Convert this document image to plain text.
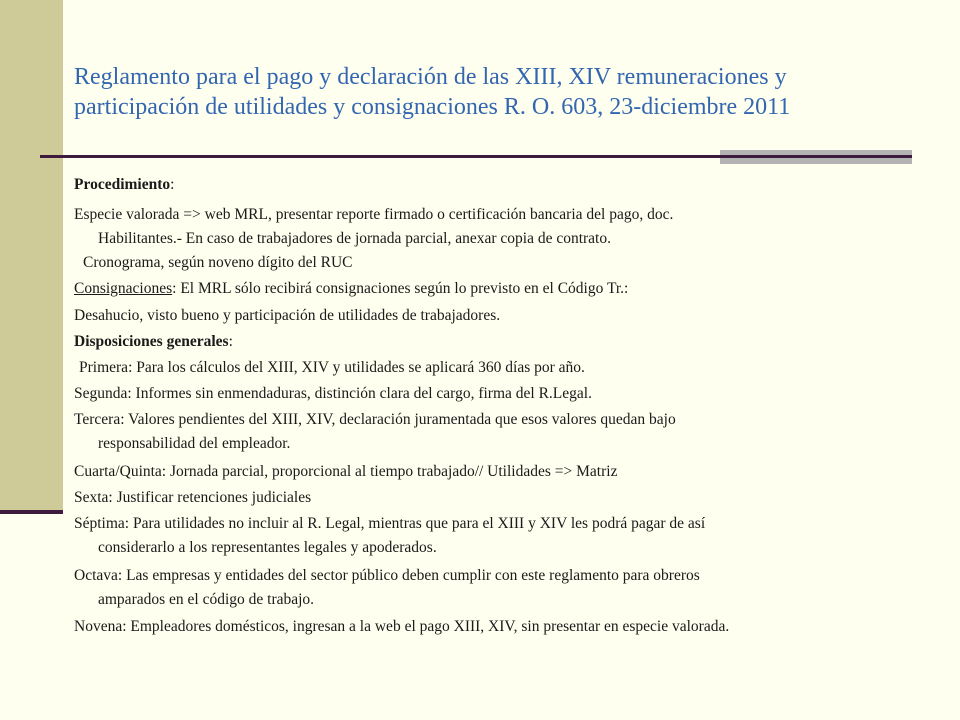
Reglamento para el pago y declaración de las XIII, XIV remuneraciones y
participación de utilidades y consignaciones R. O. 603, 23-diciembre 2011
Procedimiento:
Especie valorada => web MRL, presentar reporte firmado o certificación bancaria del pago, doc.
Habilitantes.- En caso de trabajadores de jornada parcial, anexar copia de contrato.
Cronograma, según noveno dígito del RUC
Consignaciones: El MRL sólo recibirá consignaciones según lo previsto en el Código Tr.:
Desahucio, visto bueno y participación de utilidades de trabajadores.
Disposiciones generales:
Primera: Para los cálculos del XIII, XIV y utilidades se aplicará 360 días por año.
Segunda: Informes sin enmendaduras, distinción clara del cargo, firma del R.Legal.
Tercera: Valores pendientes del XIII, XIV, declaración juramentada que esos valores quedan bajo
responsabilidad del empleador.
Cuarta/Quinta: Jornada parcial, proporcional al tiempo trabajado// Utilidades => Matriz
Sexta: Justificar retenciones judiciales
Séptima: Para utilidades no incluir al R. Legal, mientras que para el XIII y XIV les podrá pagar de así
considerarlo a los representantes legales y apoderados.
Octava: Las empresas y entidades del sector público deben cumplir con este reglamento para obreros
amparados en el código de trabajo.
Novena: Empleadores domésticos, ingresan a la web el pago XIII, XIV, sin presentar en especie valorada.
